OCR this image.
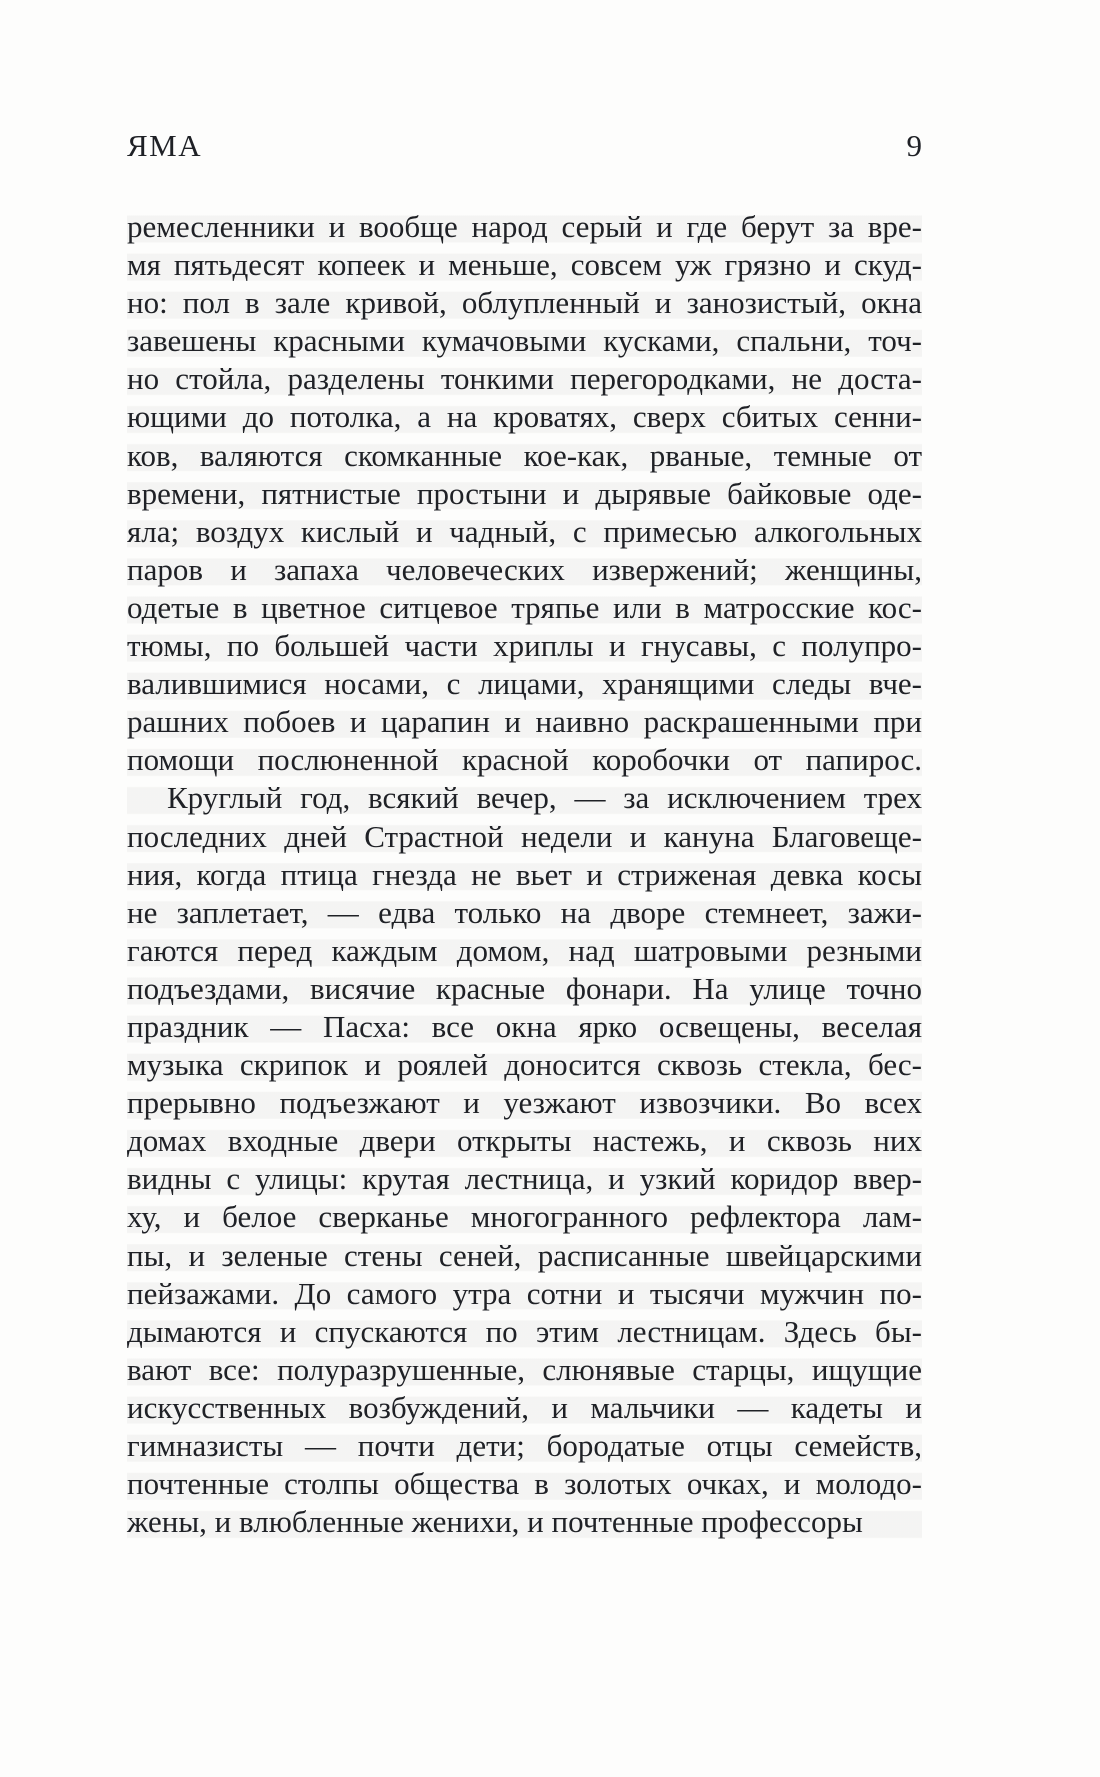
ЯМА	9
ремесленники и вообще народ серый и где берут за вре-
мя пятьдесят копеек и меньше, совсем уж грязно и скуд-
но: пол в зале кривой, облупленный и занозистый, окна
завешены красными кумачовыми кусками, спальни, точ-
но стойла, разделены тонкими перегородками, не доста-
ющими до потолка, а на кроватях, сверх сбитых сенни-
ков, валяются скомканные кое-как, рваные, темные от
времени, пятнистые простыни и дырявые байковые оде-
яла; воздух кислый и чадный, с примесью алкогольных
паров и запаха человеческих извержений; женщины,
одетые в цветное ситцевое тряпье или в матросские кос-
тюмы, по большей части хриплы и гнусавы, с полупро-
валившимися носами, с лицами, хранящими следы вче-
рашних побоев и царапин и наивно раскрашенными при
помощи послюненной красной коробочки от папирос.
Круглый год, всякий вечер, — за исключением трех
последних дней Страстной недели и кануна Благовеще-
ния, когда птица гнезда не вьет и стриженая девка косы
не заплетает, — едва только на дворе стемнеет, зажи-
гаются перед каждым домом, над шатровыми резными
подъездами, висячие красные фонари. На улице точно
праздник — Пасха: все окна ярко освещены, веселая
музыка скрипок и роялей доносится сквозь стекла, бес-
прерывно подъезжают и уезжают извозчики. Во всех
домах входные двери открыты настежь, и сквозь них
видны с улицы: крутая лестница, и узкий коридор ввер-
ху, и белое сверканье многогранного рефлектора лам-
пы, и зеленые стены сеней, расписанные швейцарскими
пейзажами. До самого утра сотни и тысячи мужчин по-
дымаются и спускаются по этим лестницам. Здесь бы-
вают все: полуразрушенные, слюнявые старцы, ищущие
искусственных возбуждений, и мальчики — кадеты и
гимназисты — почти дети; бородатые отцы семейств,
почтенные столпы общества в золотых очках, и молодо-
жены, и влюбленные женихи, и почтенные профессоры
